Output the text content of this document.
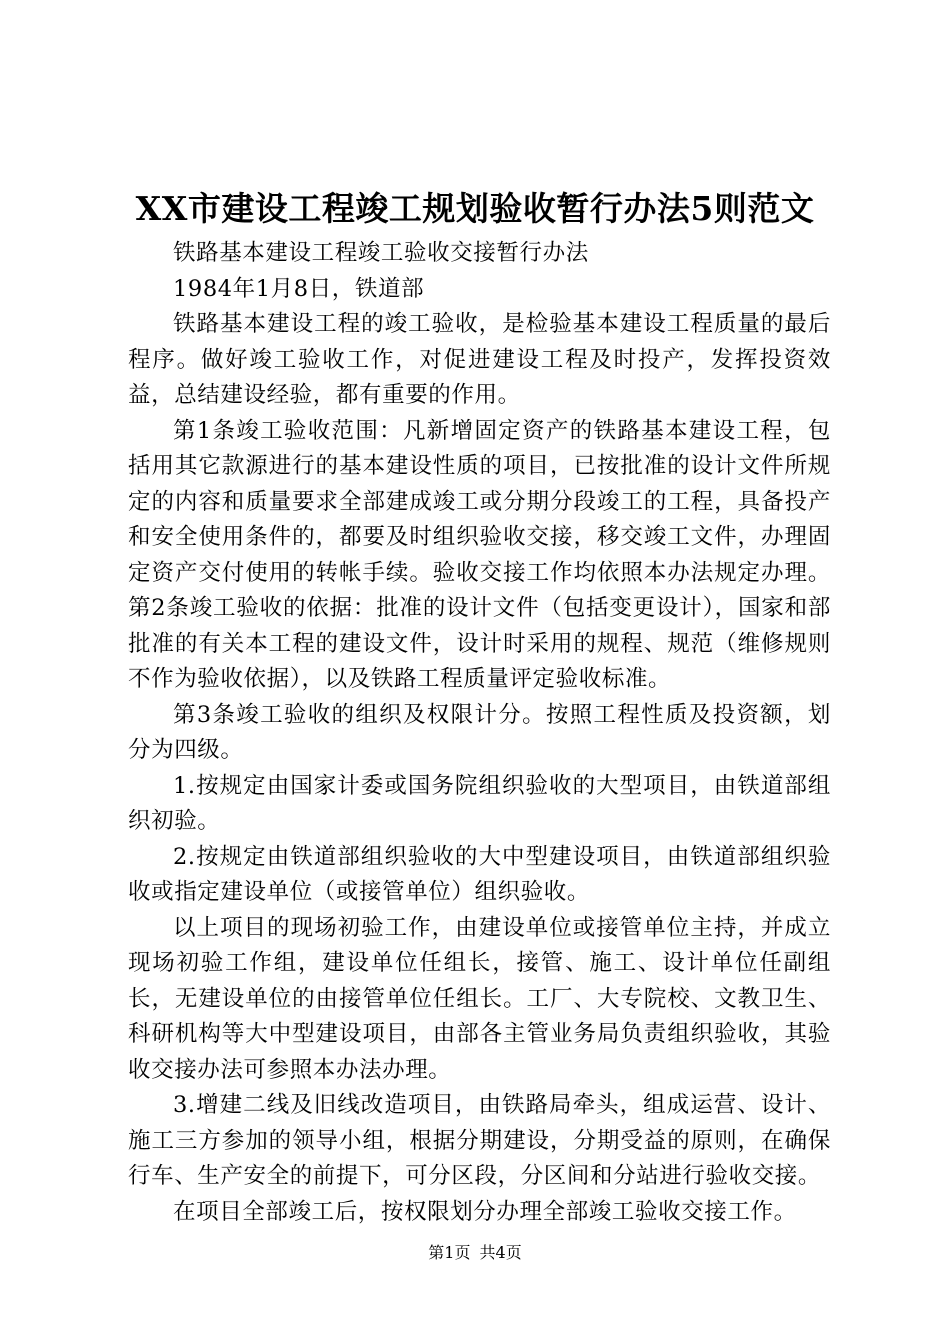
XX市建设工程竣工规划验收暂行办法5则范文

铁路基本建设工程竣工验收交接暂行办法

1984年1月8日，铁道部

铁路基本建设工程的竣工验收，是检验基本建设工程质量的最后程序。做好竣工验收工作，对促进建设工程及时投产，发挥投资效益，总结建设经验，都有重要的作用。

第1条竣工验收范围：凡新增固定资产的铁路基本建设工程，包括用其它款源进行的基本建设性质的项目，已按批准的设计文件所规定的内容和质量要求全部建成竣工或分期分段竣工的工程，具备投产和安全使用条件的，都要及时组织验收交接，移交竣工文件，办理固定资产交付使用的转帐手续。验收交接工作均依照本办法规定办理。第2条竣工验收的依据：批准的设计文件（包括变更设计），国家和部批准的有关本工程的建设文件，设计时采用的规程、规范（维修规则不作为验收依据），以及铁路工程质量评定验收标准。

第3条竣工验收的组织及权限计分。按照工程性质及投资额，划分为四级。

1.按规定由国家计委或国务院组织验收的大型项目，由铁道部组织初验。

2.按规定由铁道部组织验收的大中型建设项目，由铁道部组织验收或指定建设单位（或接管单位）组织验收。

以上项目的现场初验工作，由建设单位或接管单位主持，并成立现场初验工作组，建设单位任组长，接管、施工、设计单位任副组长，无建设单位的由接管单位任组长。工厂、大专院校、文教卫生、科研机构等大中型建设项目，由部各主管业务局负责组织验收，其验收交接办法可参照本办法办理。

3.增建二线及旧线改造项目，由铁路局牵头，组成运营、设计、施工三方参加的领导小组，根据分期建设，分期受益的原则，在确保行车、生产安全的前提下，可分区段，分区间和分站进行验收交接。

在项目全部竣工后，按权限划分办理全部竣工验收交接工作。

第1页 共4页
